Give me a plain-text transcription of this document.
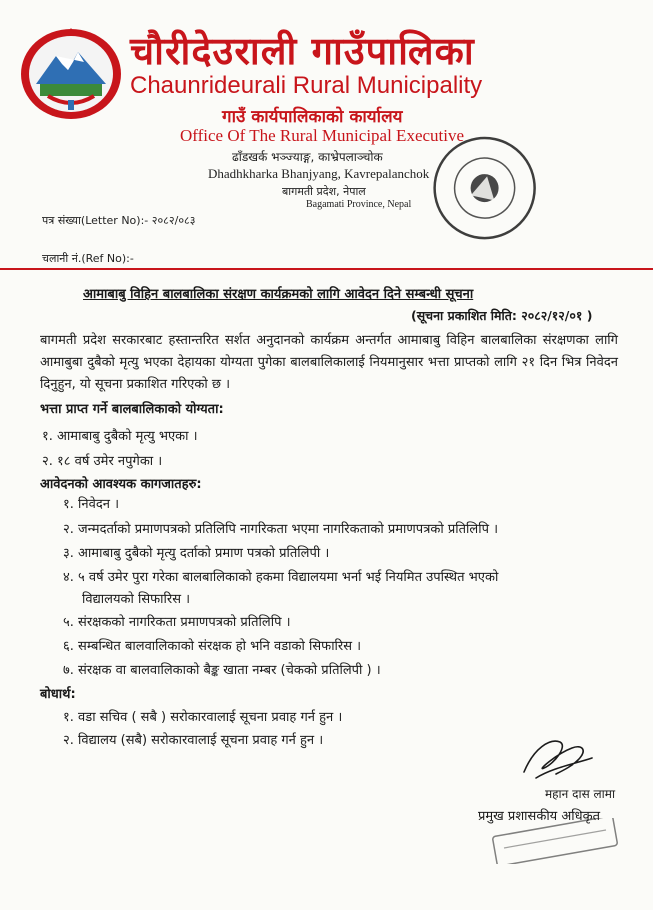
चौरीदेउराली गाउँपालिका
Chaunrideurali Rural Municipality
गाउँ कार्यपालिकाको कार्यालय
Office Of The Rural Municipal Executive
ढाँडखर्क भञ्ज्याङ्ग, काभ्रेपलाञ्चोक
Dhadhkharka Bhanjyang, Kavrepalanchok
बागमती प्रदेश, नेपाल
Bagamati Province, Nepal
पत्र संख्या(Letter No):- २०८२/०८३
चलानी नं.(Ref No):-
आमाबाबु विहिन बालबालिका संरक्षण कार्यक्रमको लागि आवेदन दिने सम्बन्धी सूचना
(सूचना प्रकाशित मिति: २०८२/१२/०१ )
बागमती प्रदेश सरकारबाट हस्तान्तरित सर्शत अनुदानको कार्यक्रम अन्तर्गत आमाबाबु विहिन बालबालिका संरक्षणका लागि आमाबुबा दुबैको मृत्यु भएका देहायका योग्यता पुगेका बालबालिकालाई नियमानुसार भत्ता प्राप्तको लागि २१ दिन भित्र निवेदन दिनुहुन, यो सूचना प्रकाशित गरिएको छ ।
भत्ता प्राप्त गर्ने बालबालिकाको योग्यता:
१. आमाबाबु दुबैको मृत्यु भएका ।
२. १८ वर्ष उमेर नपुगेका ।
आवेदनको आवश्यक कागजातहरु:
१. निवेदन ।
२. जन्मदर्ताको प्रमाणपत्रको प्रतिलिपि नागरिकता भएमा नागरिकताको प्रमाणपत्रको प्रतिलिपि ।
३. आमाबाबु दुबैको मृत्यु दर्ताको प्रमाण पत्रको प्रतिलिपी ।
४. ५ वर्ष उमेर पुरा गरेका बालबालिकाको हकमा विद्यालयमा भर्ना भई नियमित उपस्थित भएको
विद्यालयको सिफारिस ।
५. संरक्षकको नागरिकता प्रमाणपत्रको प्रतिलिपि ।
६. सम्बन्धित बालवालिकाको संरक्षक हो भनि वडाको सिफारिस ।
७. संरक्षक वा बालवालिकाको बैङ्क खाता नम्बर (चेकको प्रतिलिपी ) ।
बोधार्थ:
१. वडा सचिव ( सबै ) सरोकारवालाई सूचना प्रवाह गर्न हुन ।
२. विद्यालय (सबै) सरोकारवालाई सूचना प्रवाह गर्न हुन ।
महान दास लामा
प्रमुख प्रशासकीय अधिकृत
